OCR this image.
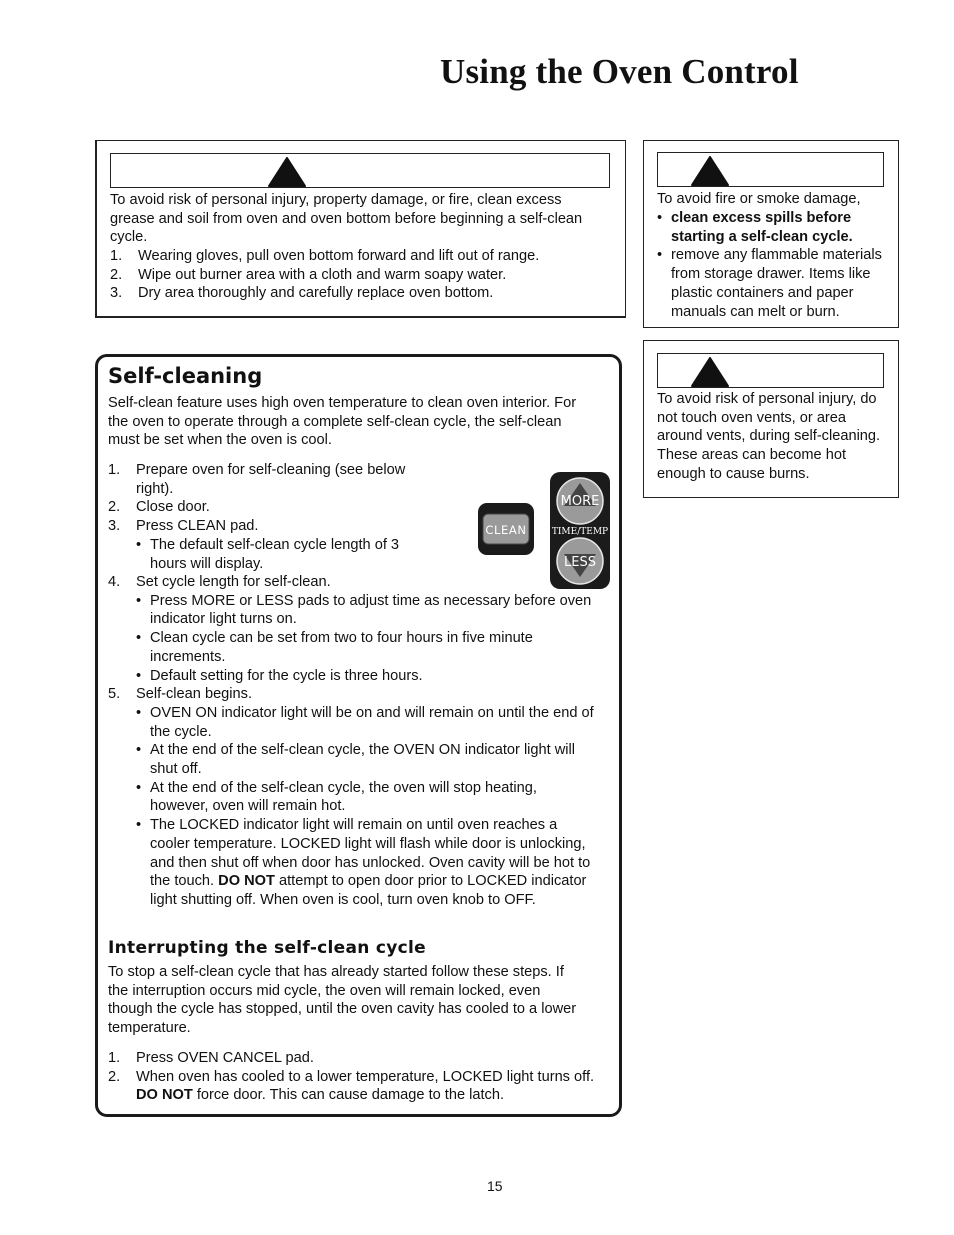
Using the Oven Control
To avoid risk of personal injury, property damage, or fire, clean excess grease and soil from oven and oven bottom before beginning a self-clean cycle.
1. Wearing gloves, pull oven bottom forward and lift out of range.
2. Wipe out burner area with a cloth and warm soapy water.
3. Dry area thoroughly and carefully replace oven bottom.
To avoid fire or smoke damage,
• clean excess spills before starting a self-clean cycle.
• remove any flammable materials from storage drawer. Items like plastic containers and paper manuals can melt or burn.
To avoid risk of personal injury, do not touch oven vents, or area around vents, during self-cleaning. These areas can become hot enough to cause burns.
Self-cleaning
Self-clean feature uses high oven temperature to clean oven interior. For the oven to operate through a complete self-clean cycle, the self-clean must be set when the oven is cool.
1. Prepare oven for self-cleaning (see below right).
2. Close door.
3. Press CLEAN pad.
• The default self-clean cycle length of 3 hours will display.
CLEAN
MORE
TIME/TEMP
LESS
4. Set cycle length for self-clean.
• Press MORE or LESS pads to adjust time as necessary before oven indicator light turns on.
• Clean cycle can be set from two to four hours in five minute increments.
• Default setting for the cycle is three hours.
5. Self-clean begins.
• OVEN ON indicator light will be on and will remain on until the end of the cycle.
• At the end of the self-clean cycle, the OVEN ON indicator light will shut off.
• At the end of the self-clean cycle, the oven will stop heating, however, oven will remain hot.
• The LOCKED indicator light will remain on until oven reaches a cooler temperature. LOCKED light will flash while door is unlocking, and then shut off when door has unlocked. Oven cavity will be hot to the touch. DO NOT attempt to open door prior to LOCKED indicator light shutting off. When oven is cool, turn oven knob to OFF.
Interrupting the self-clean cycle
To stop a self-clean cycle that has already started follow these steps. If the interruption occurs mid cycle, the oven will remain locked, even though the cycle has stopped, until the oven cavity has cooled to a lower temperature.
1. Press OVEN CANCEL pad.
2. When oven has cooled to a lower temperature, LOCKED light turns off. DO NOT force door. This can cause damage to the latch.
15
